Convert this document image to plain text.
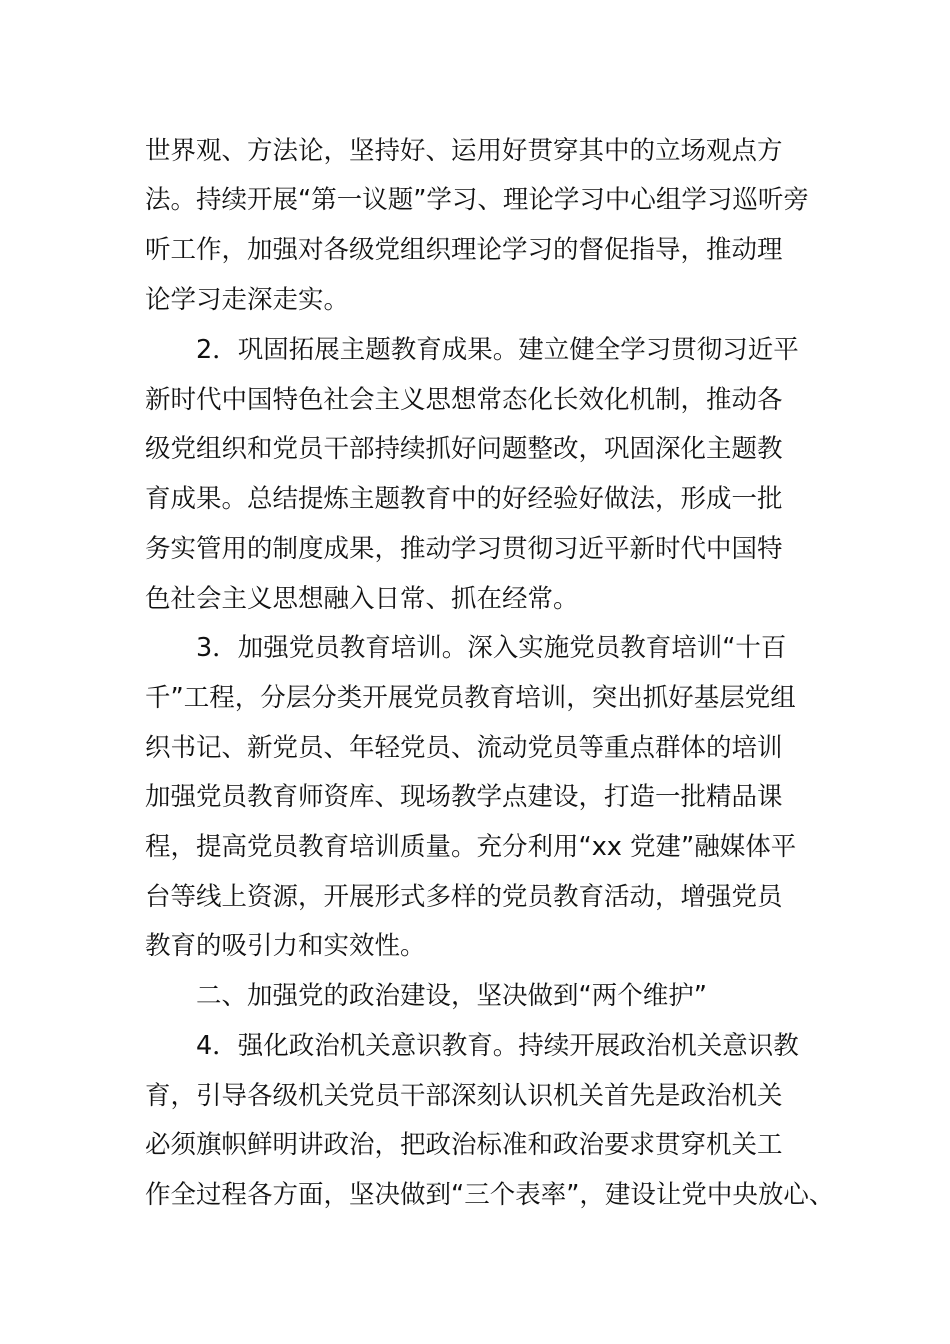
世界观、方法论，坚持好、运用好贯穿其中的立场观点方
法。持续开展“第一议题”学习、理论学习中心组学习巡听旁
听工作，加强对各级党组织理论学习的督促指导，推动理
论学习走深走实。
2．巩固拓展主题教育成果。建立健全学习贯彻习近平
新时代中国特色社会主义思想常态化长效化机制，推动各
级党组织和党员干部持续抓好问题整改，巩固深化主题教
育成果。总结提炼主题教育中的好经验好做法，形成一批
务实管用的制度成果，推动学习贯彻习近平新时代中国特
色社会主义思想融入日常、抓在经常。
3．加强党员教育培训。深入实施党员教育培训“十百
千”工程，分层分类开展党员教育培训，突出抓好基层党组
织书记、新党员、年轻党员、流动党员等重点群体的培训
加强党员教育师资库、现场教学点建设，打造一批精品课
程，提高党员教育培训质量。充分利用“xx 党建”融媒体平
台等线上资源，开展形式多样的党员教育活动，增强党员
教育的吸引力和实效性。
二、加强党的政治建设，坚决做到“两个维护”
4．强化政治机关意识教育。持续开展政治机关意识教
育，引导各级机关党员干部深刻认识机关首先是政治机关
必须旗帜鲜明讲政治，把政治标准和政治要求贯穿机关工
作全过程各方面，坚决做到“三个表率”，建设让党中央放心、
